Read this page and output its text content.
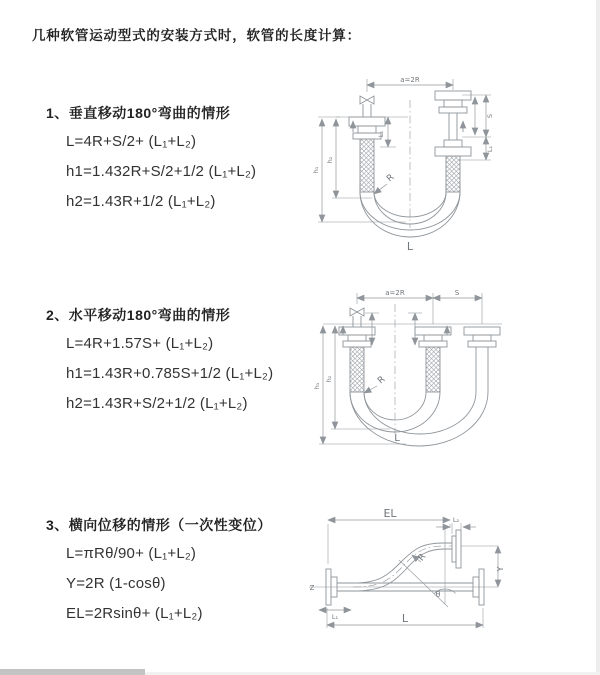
几种软管运动型式的安装方式时，软管的长度计算：
1、垂直移动180°弯曲的情形
L=4R+S/2+ (L₁+L₂)
h1=1.432R+S/2+1/2 (L₁+L₂)
h2=1.43R+1/2 (L₁+L₂)
2、水平移动180°弯曲的情形
L=4R+1.57S+ (L₁+L₂)
h1=1.43R+0.785S+1/2 (L₁+L₂)
h2=1.43R+S/2+1/2 (L₁+L₂)
3、横向位移的情形（一次性变位）
L=πRθ/90+ (L₁+L₂)
Y=2R (1-cosθ)
EL=2Rsinθ+ (L₁+L₂)
a=2R
L₁
S
L₁
h₁
h₂
R
L
a=2R	S
h₁
h₂	R
L
EL	L₂
Y
Z
R
θ
L₁	L
